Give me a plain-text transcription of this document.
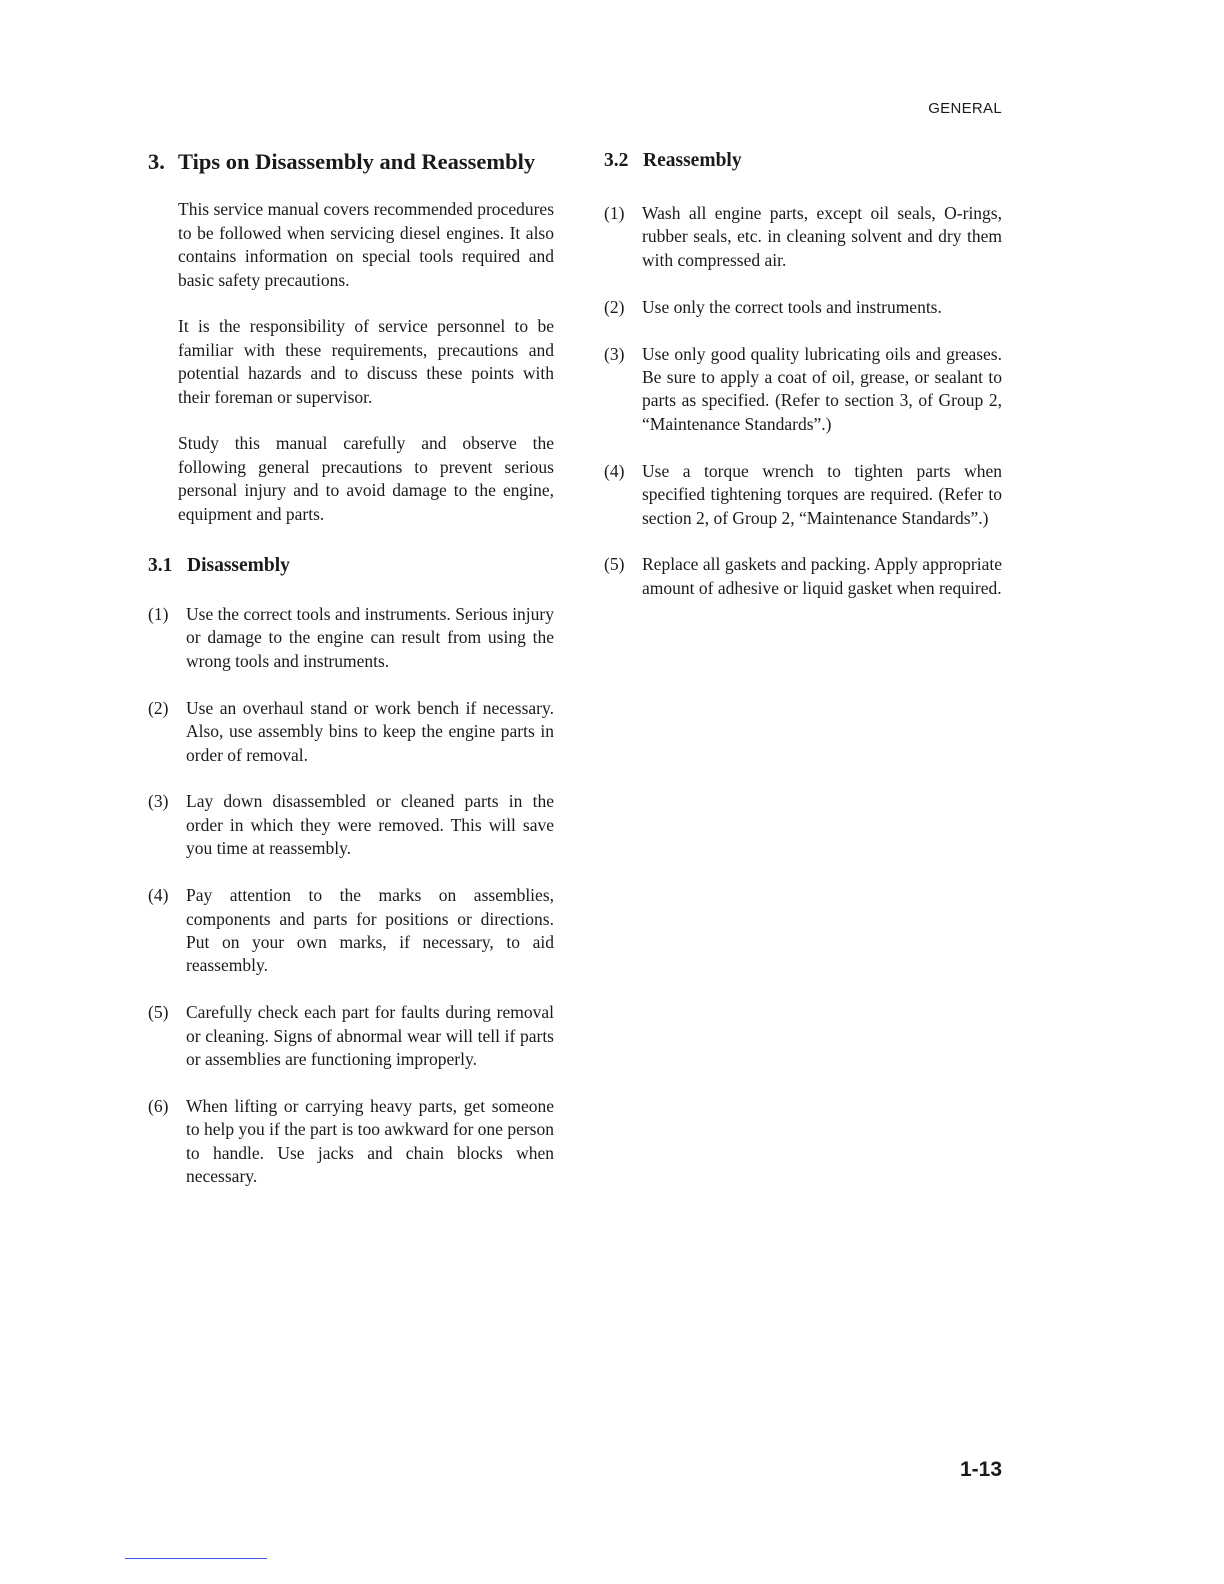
GENERAL
3. Tips on Disassembly and Reassembly

This service manual covers recommended procedures to be followed when servicing diesel engines. It also contains information on special tools required and basic safety precautions.

It is the responsibility of service personnel to be familiar with these requirements, precautions and potential hazards and to discuss these points with their foreman or supervisor.

Study this manual carefully and observe the following general precautions to prevent serious personal injury and to avoid damage to the engine, equipment and parts.

3.1 Disassembly
(1)	Use the correct tools and instruments. Serious injury or damage to the engine can result from using the wrong tools and instruments.
(2)	Use an overhaul stand or work bench if necessary. Also, use assembly bins to keep the engine parts in order of removal.
(3)	Lay down disassembled or cleaned parts in the order in which they were removed. This will save you time at reassembly.
(4)	Pay attention to the marks on assemblies, components and parts for positions or directions. Put on your own marks, if necessary, to aid reassembly.
(5)	Carefully check each part for faults during removal or cleaning. Signs of abnormal wear will tell if parts or assemblies are functioning improperly.
(6)	When lifting or carrying heavy parts, get someone to help you if the part is too awkward for one person to handle. Use jacks and chain blocks when necessary.
3.2 Reassembly
(1)	Wash all engine parts, except oil seals, O-rings, rubber seals, etc. in cleaning solvent and dry them with compressed air.
(2)	Use only the correct tools and instruments.
(3)	Use only good quality lubricating oils and greases. Be sure to apply a coat of oil, grease, or sealant to parts as specified. (Refer to section 3, of Group 2, “Maintenance Standards”.)
(4)	Use a torque wrench to tighten parts when specified tightening torques are required. (Refer to section 2, of Group 2, “Maintenance Standards”.)
(5)	Replace all gaskets and packing. Apply appropriate amount of adhesive or liquid gasket when required.
1-13
